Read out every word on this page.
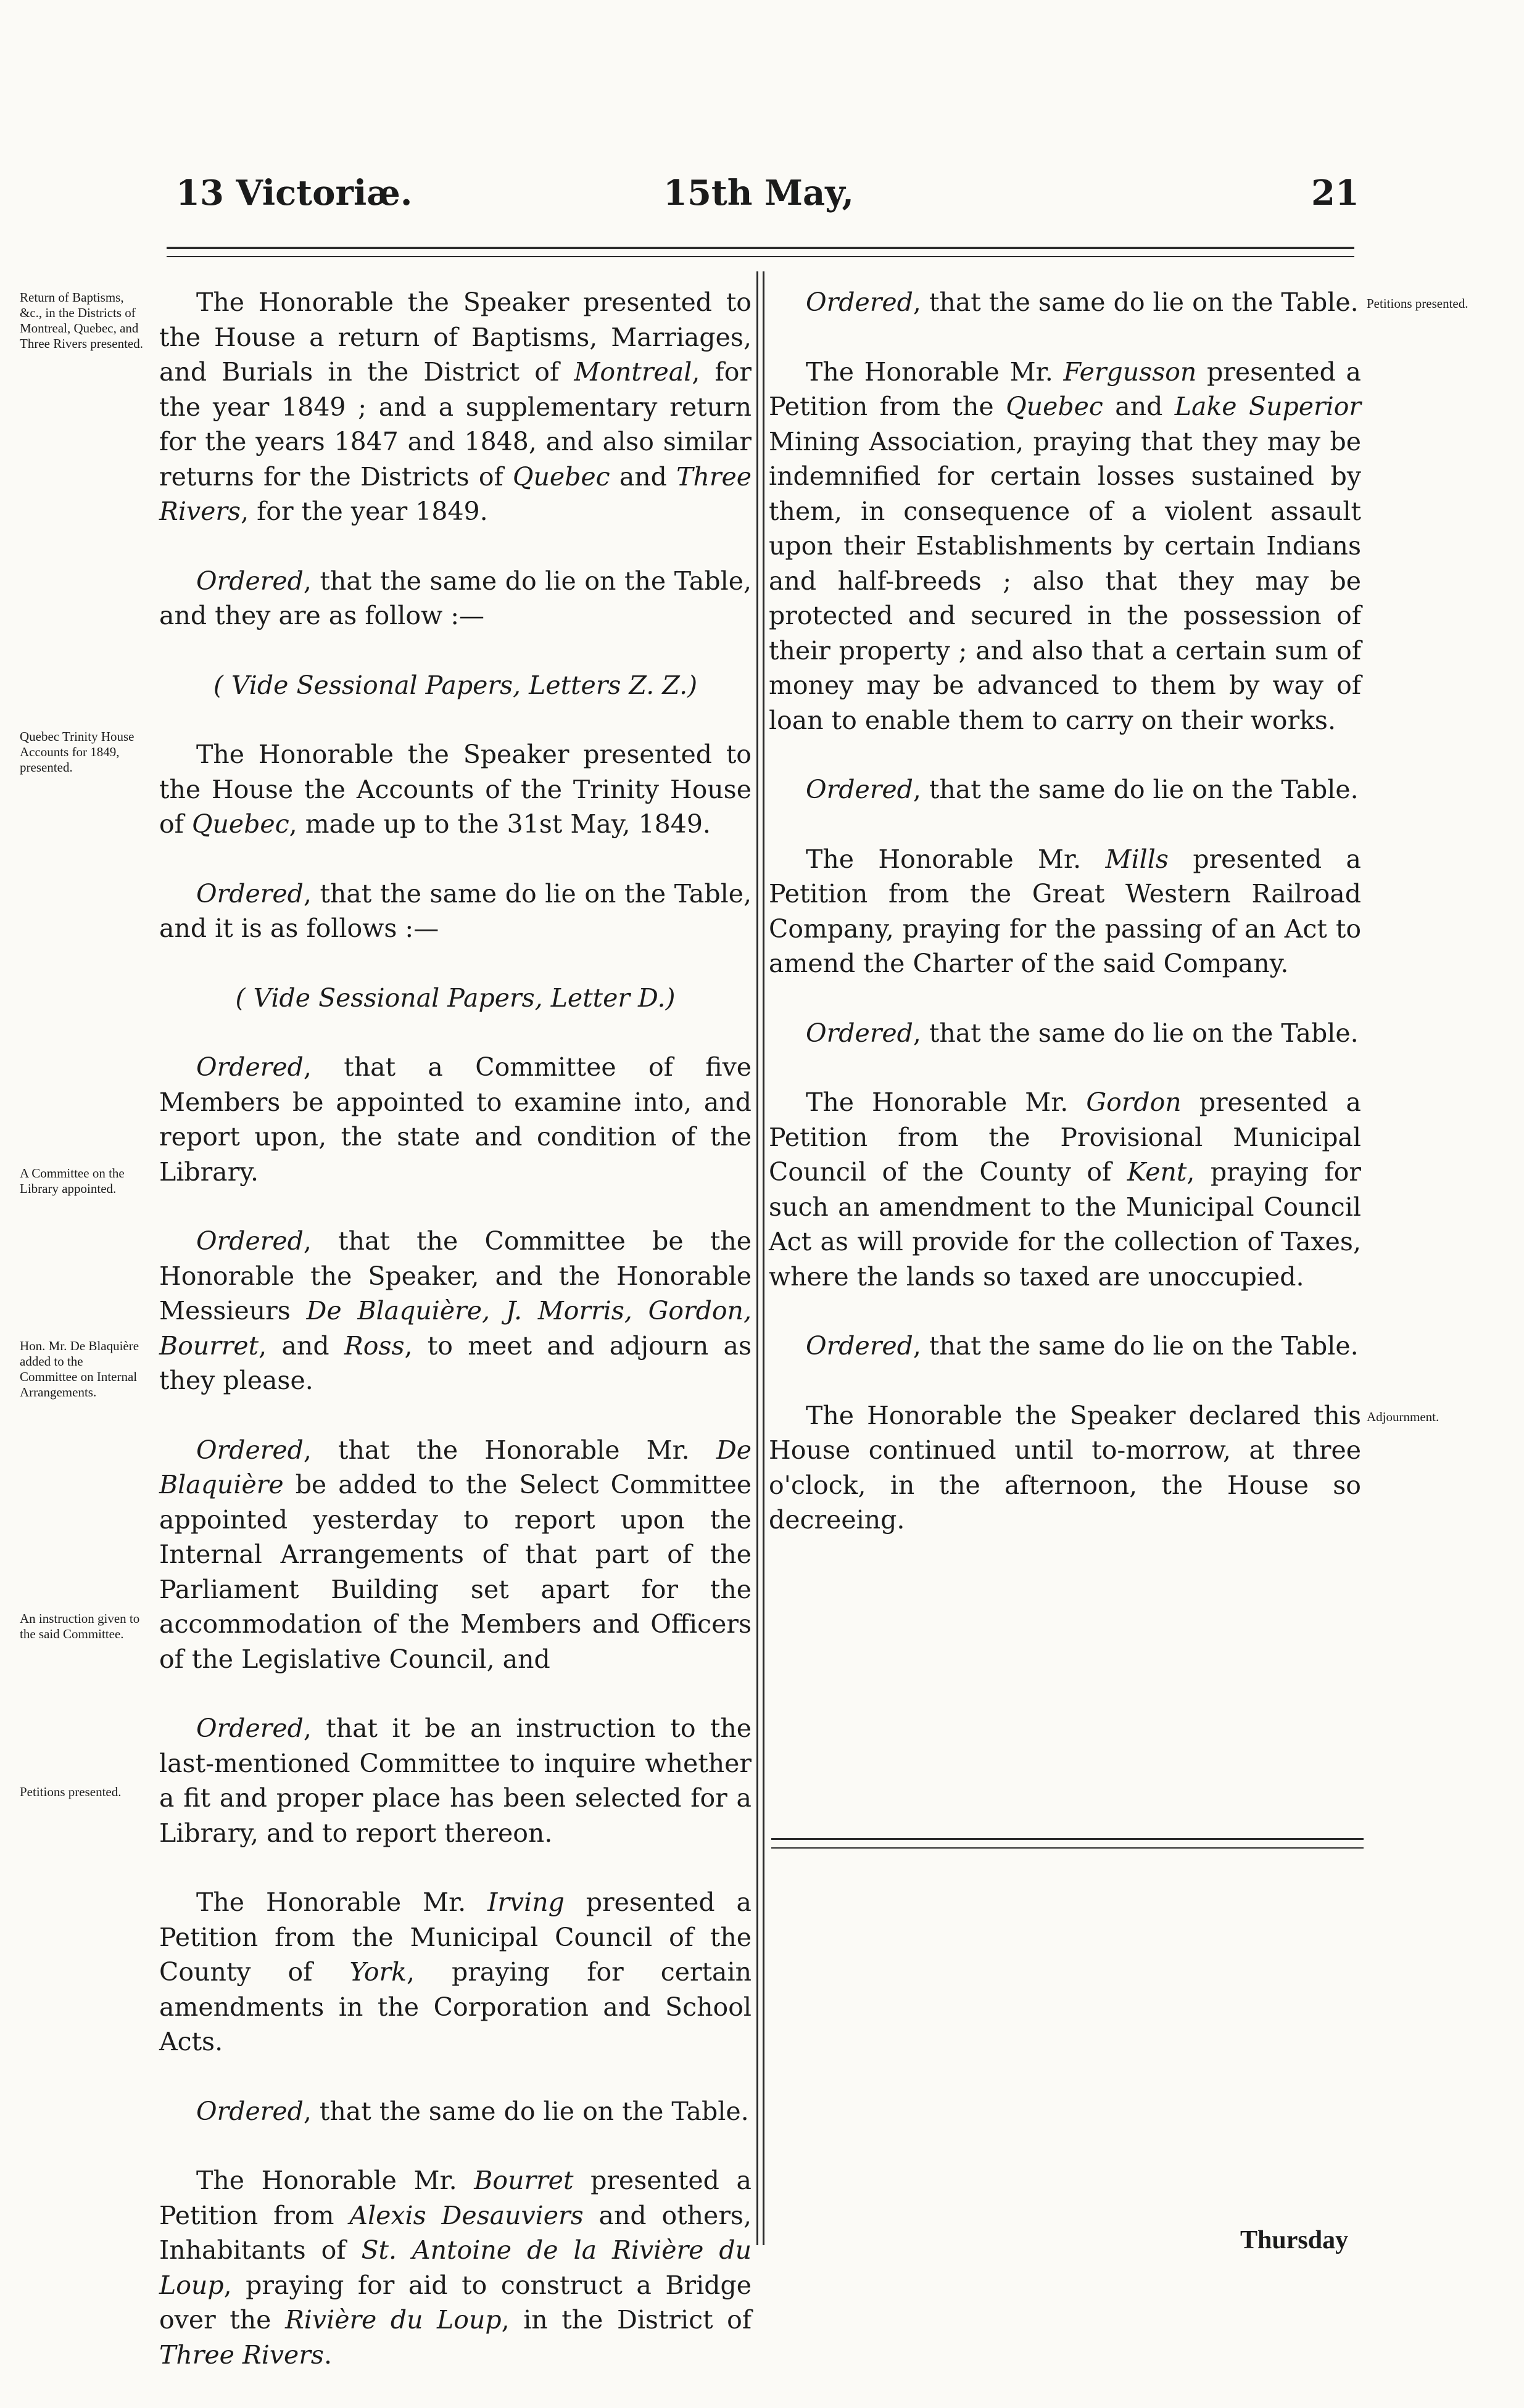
13 Victoriæ.	15th May,	21

The Honorable the Speaker presented to the House a return of Baptisms, Marriages, and Burials in the District of Montreal, for the year 1849 ; and a supplementary return for the years 1847 and 1848, and also similar returns for the Districts of Quebec and Three Rivers, for the year 1849.

Ordered, that the same do lie on the Table, and they are as follow :—

( Vide Sessional Papers, Letters Z. Z.)

The Honorable the Speaker presented to the House the Accounts of the Trinity House of Quebec, made up to the 31st May, 1849.

Ordered, that the same do lie on the Table, and it is as follows :—

( Vide Sessional Papers, Letter D.)

Ordered, that a Committee of five Members be appointed to examine into, and report upon, the state and condition of the Library.

Ordered, that the Committee be the Honorable the Speaker, and the Honorable Messieurs De Blaquière, J. Morris, Gordon, Bourret, and Ross, to meet and adjourn as they please.

Ordered, that the Honorable Mr. De Blaquière be added to the Select Committee appointed yesterday to report upon the Internal Arrangements of that part of the Parliament Building set apart for the accommodation of the Members and Officers of the Legislative Council, and

Ordered, that it be an instruction to the last-mentioned Committee to inquire whether a fit and proper place has been selected for a Library, and to report thereon.

The Honorable Mr. Irving presented a Petition from the Municipal Council of the County of York, praying for certain amendments in the Corporation and School Acts.

Ordered, that the same do lie on the Table.

The Honorable Mr. Bourret presented a Petition from Alexis Desauviers and others, Inhabitants of St. Antoine de la Rivière du Loup, praying for aid to construct a Bridge over the Rivière du Loup, in the District of Three Rivers.

Ordered, that the same do lie on the Table.

The Honorable Mr. Fergusson presented a Petition from the Quebec and Lake Superior Mining Association, praying that they may be indemnified for certain losses sustained by them, in consequence of a violent assault upon their Establishments by certain Indians and half-breeds ; also that they may be protected and secured in the possession of their property ; and also that a certain sum of money may be advanced to them by way of loan to enable them to carry on their works.

Ordered, that the same do lie on the Table.

The Honorable Mr. Mills presented a Petition from the Great Western Railroad Company, praying for the passing of an Act to amend the Charter of the said Company.

Ordered, that the same do lie on the Table.

The Honorable Mr. Gordon presented a Petition from the Provisional Municipal Council of the County of Kent, praying for such an amendment to the Municipal Council Act as will provide for the collection of Taxes, where the lands so taxed are unoccupied.

Ordered, that the same do lie on the Table.

The Honorable the Speaker declared this House continued until to-morrow, at three o'clock, in the afternoon, the House so decreeing.

Return of Baptisms, &c., in the Districts of Montreal, Quebec, and Three Rivers presented.
Quebec Trinity House Accounts for 1849, presented.
A Committee on the Library appointed.
Hon. Mr. De Blaquière added to the Committee on Internal Arrangements.
An instruction given to the said Committee.
Petitions presented.
Petitions presented.
Adjournment.
Thursday
